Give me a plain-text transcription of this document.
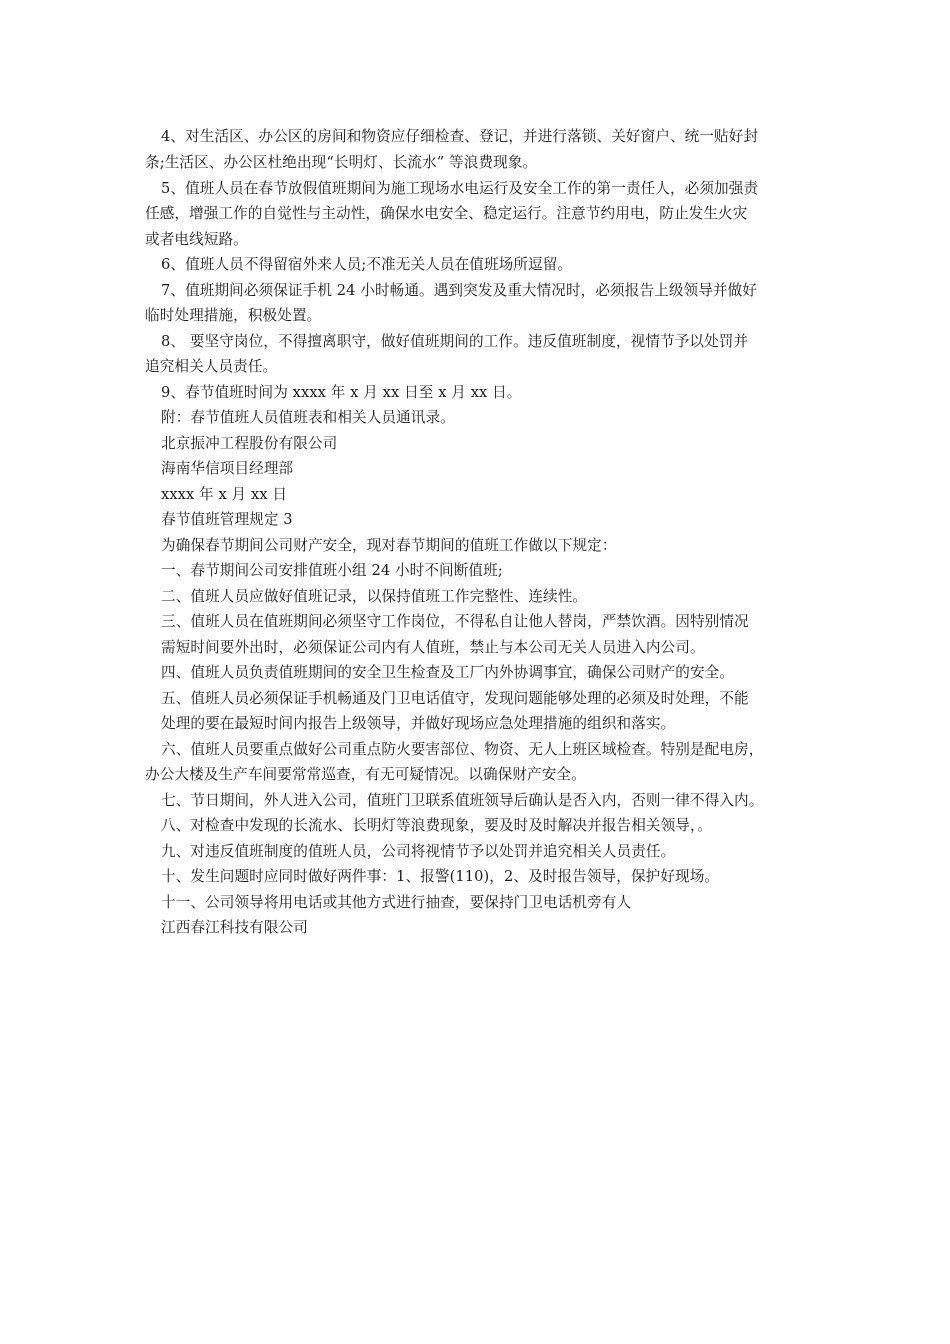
4、对生活区、办公区的房间和物资应仔细检查、登记，并进行落锁、关好窗户、统一贴好封
条;生活区、办公区杜绝出现“长明灯、长流水” 等浪费现象。
5、值班人员在春节放假值班期间为施工现场水电运行及安全工作的第一责任人，必须加强责
任感，增强工作的自觉性与主动性，确保水电安全、稳定运行。注意节约用电，防止发生火灾
或者电线短路。
6、值班人员不得留宿外来人员;不准无关人员在值班场所逗留。
7、值班期间必须保证手机 24 小时畅通。遇到突发及重大情况时，必须报告上级领导并做好
临时处理措施，积极处置。
8、 要坚守岗位，不得擅离职守，做好值班期间的工作。违反值班制度，视情节予以处罚并
追究相关人员责任。
9、春节值班时间为 xxxx 年 x 月 xx 日至 x 月 xx 日。
附：春节值班人员值班表和相关人员通讯录。
北京振冲工程股份有限公司
海南华信项目经理部
xxxx 年 x 月 xx 日
春节值班管理规定 3
为确保春节期间公司财产安全，现对春节期间的值班工作做以下规定：
一、春节期间公司安排值班小组 24 小时不间断值班;
二、值班人员应做好值班记录，以保持值班工作完整性、连续性。
三、值班人员在值班期间必须坚守工作岗位，不得私自让他人替岗，严禁饮酒。因特别情况
需短时间要外出时，必须保证公司内有人值班，禁止与本公司无关人员进入内公司。
四、值班人员负责值班期间的安全卫生检查及工厂内外协调事宜，确保公司财产的安全。
五、值班人员必须保证手机畅通及门卫电话值守，发现问题能够处理的必须及时处理，不能
处理的要在最短时间内报告上级领导，并做好现场应急处理措施的组织和落实。
六、值班人员要重点做好公司重点防火要害部位、物资、无人上班区域检查。特别是配电房，
办公大楼及生产车间要常常巡查，有无可疑情况。以确保财产安全。
七、节日期间，外人进入公司，值班门卫联系值班领导后确认是否入内，否则一律不得入内。
八、对检查中发现的长流水、长明灯等浪费现象，要及时及时解决并报告相关领导，。
九、对违反值班制度的值班人员，公司将视情节予以处罚并追究相关人员责任。
十、发生问题时应同时做好两件事：1、报警(110)，2、及时报告领导，保护好现场。
十一、公司领导将用电话或其他方式进行抽查，要保持门卫电话机旁有人
江西春江科技有限公司
